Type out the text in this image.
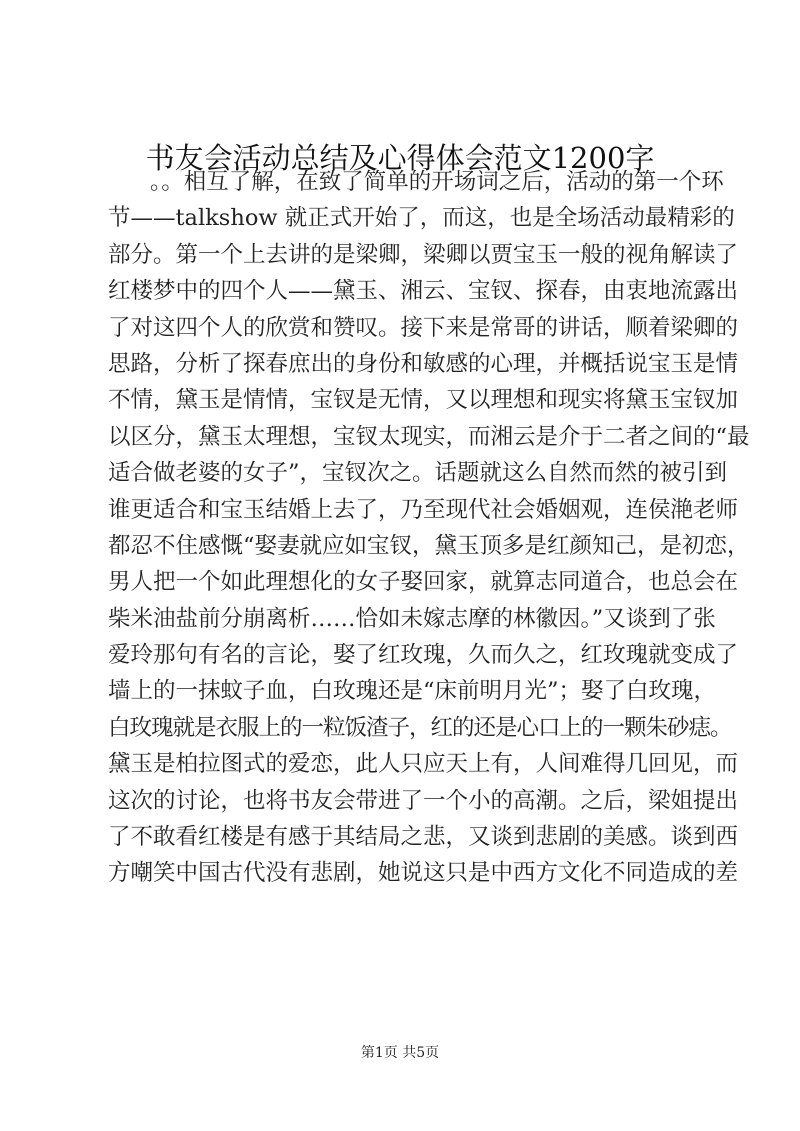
书友会活动总结及心得体会范文1200字
。。相互了解，在致了简单的开场词之后，活动的第一个环
节——talkshow 就正式开始了，而这，也是全场活动最精彩的
部分。第一个上去讲的是梁卿，梁卿以贾宝玉一般的视角解读了
红楼梦中的四个人——黛玉、湘云、宝钗、探春，由衷地流露出
了对这四个人的欣赏和赞叹。接下来是常哥的讲话，顺着梁卿的
思路，分析了探春庶出的身份和敏感的心理，并概括说宝玉是情
不情，黛玉是情情，宝钗是无情，又以理想和现实将黛玉宝钗加
以区分，黛玉太理想，宝钗太现实，而湘云是介于二者之间的“最
适合做老婆的女子”，宝钗次之。话题就这么自然而然的被引到
谁更适合和宝玉结婚上去了，乃至现代社会婚姻观，连侯滟老师
都忍不住感慨“娶妻就应如宝钗，黛玉顶多是红颜知己，是初恋，
男人把一个如此理想化的女子娶回家，就算志同道合，也总会在
柴米油盐前分崩离析……恰如未嫁志摩的林徽因。”又谈到了张
爱玲那句有名的言论，娶了红玫瑰，久而久之，红玫瑰就变成了
墙上的一抹蚊子血，白玫瑰还是“床前明月光”；娶了白玫瑰，
白玫瑰就是衣服上的一粒饭渣子，红的还是心口上的一颗朱砂痣。
黛玉是柏拉图式的爱恋，此人只应天上有，人间难得几回见，而
这次的讨论，也将书友会带进了一个小的高潮。之后，梁姐提出
了不敢看红楼是有感于其结局之悲，又谈到悲剧的美感。谈到西
方嘲笑中国古代没有悲剧，她说这只是中西方文化不同造成的差
第1页 共5页
